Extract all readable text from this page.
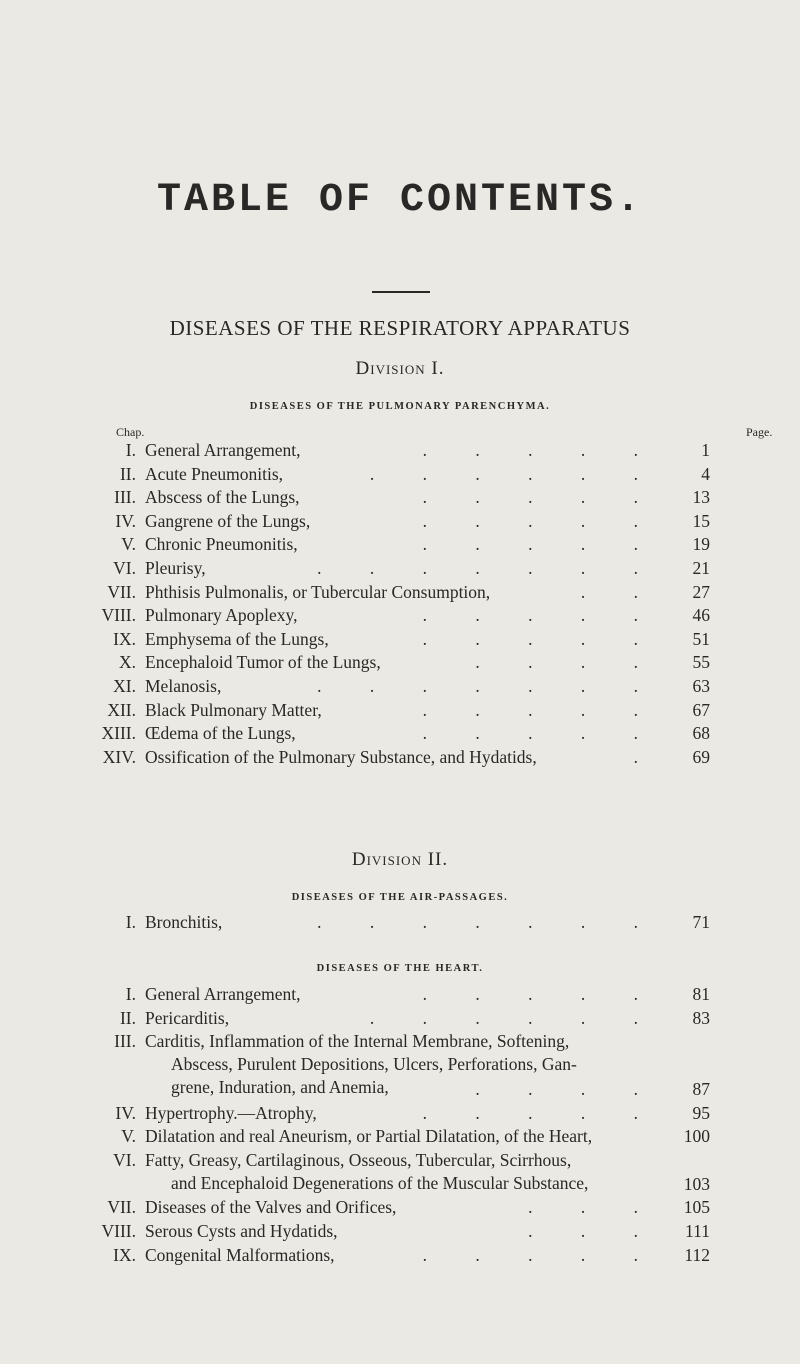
TABLE OF CONTENTS.
DISEASES OF THE RESPIRATORY APPARATUS
Division I.
DISEASES OF THE PULMONARY PARENCHYMA.
Chap.	Page.
I. General Arrangement,	. . . . . 1
II. Acute Pneumonitis,	. . . . . . 4
III. Abscess of the Lungs,	. . . . . 13
IV. Gangrene of the Lungs,	. . . . . 15
V. Chronic Pneumonitis,	. . . . . 19
VI. Pleurisy,	. . . . . . . 21
VII. Phthisis Pulmonalis, or Tubercular Consumption,	. . 27
VIII. Pulmonary Apoplexy,	. . . . . 46
IX. Emphysema of the Lungs,	. . . . . 51
X. Encephaloid Tumor of the Lungs,	. . . . 55
XI. Melanosis,	. . . . . . . 63
XII. Black Pulmonary Matter,	. . . . . 67
XIII. Œdema of the Lungs,	. . . . . 68
XIV. Ossification of the Pulmonary Substance, and Hydatids,	. 69
Division II.
DISEASES OF THE AIR-PASSAGES.
I. Bronchitis,	. . . . . . . 71
DISEASES OF THE HEART.
I. General Arrangement,	. . . . . 81
II. Pericarditis,	. . . . . . 83
III. Carditis, Inflammation of the Internal Membrane, Softening,
Abscess, Purulent Depositions, Ulcers, Perforations, Gan-
grene, Induration, and Anemia,	. . . . 87
IV. Hypertrophy.—Atrophy,	. . . . . 95
V. Dilatation and real Aneurism, or Partial Dilatation, of the Heart,	100
VI. Fatty, Greasy, Cartilaginous, Osseous, Tubercular, Scirrhous,
and Encephaloid Degenerations of the Muscular Substance,	103
VII. Diseases of the Valves and Orifices,	. . . 105
VIII. Serous Cysts and Hydatids,	. . . 111
IX. Congenital Malformations,	. . . . . 112
